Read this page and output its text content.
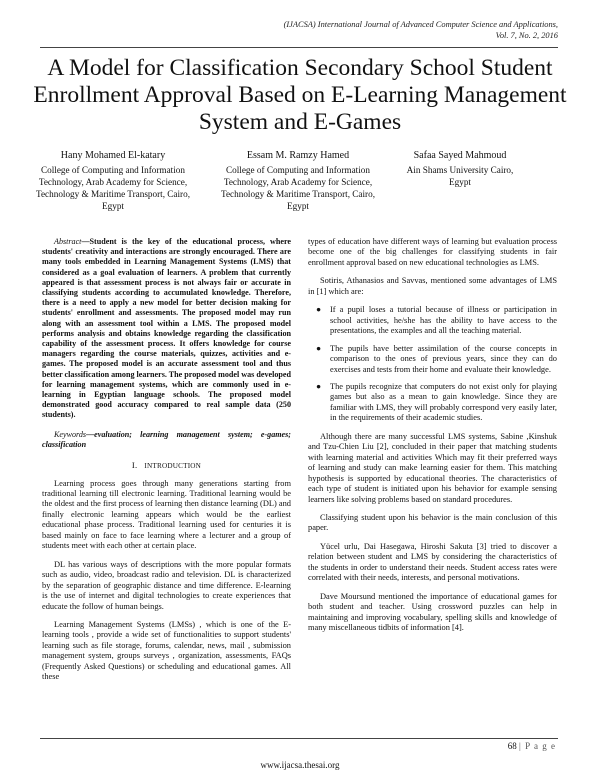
(IJACSA) International Journal of Advanced Computer Science and Applications,
Vol. 7, No. 2, 2016
A Model for Classification Secondary School Student Enrollment Approval Based on E-Learning Management System and E-Games
Hany Mohamed El-katary
College of Computing and Information Technology, Arab Academy for Science, Technology & Maritime Transport, Cairo, Egypt
Essam M. Ramzy Hamed
College of Computing and Information Technology, Arab Academy for Science, Technology & Maritime Transport, Cairo, Egypt
Safaa Sayed Mahmoud
Ain Shams University Cairo, Egypt

Abstract—Student is the key of the educational process, where students' creativity and interactions are strongly encouraged. There are many tools embedded in Learning Management Systems (LMS) that considered as a goal evaluation of learners. A problem that currently appeared is that assessment process is not always fair or accurate in classifying students according to accumulated knowledge. Therefore, there is a need to apply a new model for better decision making for students' enrollment and assessments. The proposed model may run along with an assessment tool within a LMS. The proposed model performs analysis and obtains knowledge regarding the classification capability of the assessment process. It offers knowledge for course managers regarding the course materials, quizzes, activities and e-games. The proposed model is an accurate assessment tool and thus better classification among learners. The proposed model was developed for learning management systems, which are commonly used in e-learning in Egyptian language schools. The proposed model demonstrated good accuracy compared to real sample data (250 students).

Keywords—evaluation; learning management system; e-games; classification

I. INTRODUCTION

Learning process goes through many generations starting from traditional learning till electronic learning. Traditional learning would be the oldest and the first process of learning then distance learning (DL) and finally electronic learning appears which would be the earliest educational phase process. Traditional learning used for centuries it is based mainly on face to face learning where a lecturer and a group of students meet with each other at certain place.

DL has various ways of descriptions with the more popular formats such as audio, video, broadcast radio and television. DL is characterized by the separation of geographic distance and time difference. E-learning is the use of internet and digital technologies to create experiences that educate the follow of human beings.

Learning Management Systems (LMSs) , which is one of the E-learning tools , provide a wide set of functionalities to support students' learning such as file storage, forums, calendar, news, mail , submission management system, groups surveys , organization, assessments, FAQs (Frequently Asked Questions) or scheduling and educational games. All these

types of education have different ways of learning but evaluation process become one of the big challenges for classifying students in fair enrollment approval based on new educational technologies as LMS.

Sotiris, Athanasios and Savvas, mentioned some advantages of LMS in [1] which are:

● If a pupil loses a tutorial because of illness or participation in school activities, he/she has the ability to have access to the presentations, the examples and all the teaching material.
● The pupils have better assimilation of the course concepts in comparison to the ones of previous years, since they can do exercises and tests from their home and evaluate their knowledge.
● The pupils recognize that computers do not exist only for playing games but also as a mean to gain knowledge. Since they are familiar with LMS, they will probably correspond very easily later, in the requirements of their academic studies.

Although there are many successful LMS systems, Sabine ,Kinshuk and Tzu-Chien Liu [2], concluded in their paper that matching students with learning material and activities Which may fit their preferred ways of learning and study can make learning easier for them. This matching hypothesis is supported by educational theories. The characteristics of each type of student is initiated upon his behavior for example sensing learners like solving problems based on standard procedures.

Classifying student upon his behavior is the main conclusion of this paper.

Yücel urlu, Dai Hasegawa, Hiroshi Sakuta [3] tried to discover a relation between student and LMS by considering the characteristics of the students in order to understand their needs. Student access rates were correlated with their needs, interests, and personal motivations.

Dave Moursund mentioned the importance of educational games for both student and teacher. Using crossword puzzles can help in maintaining and improving vocabulary, spelling skills and knowledge of many miscellaneous tidbits of information [4].

68 | P a g e
www.ijacsa.thesai.org
